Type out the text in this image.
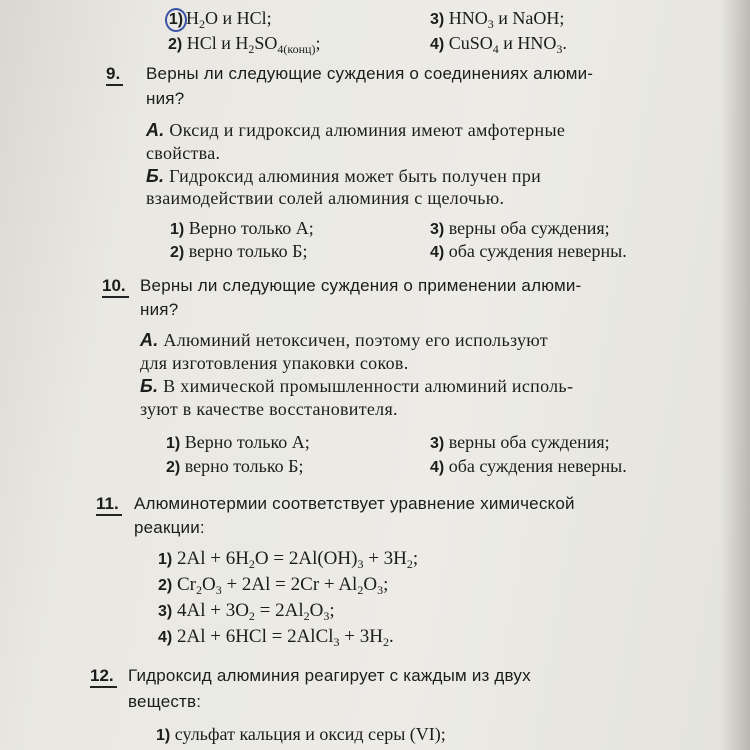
1) $H_2O$ и HCl;
2) HCl и $H_2SO_{4(конц)}$;
3) $HNO_3$ и NaOH;
4) CuSO$_4$ и $HNO_3$.
9. Верны ли следующие суждения о соединениях алюми-
ния?
А. Оксид и гидроксид алюминия имеют амфотерные
свойства.
Б. Гидроксид алюминия может быть получен при
взаимодействии солей алюминия с щелочью.
1) Верно только А;
2) верно только Б;
3) верны оба суждения;
4) оба суждения неверны.
10. Верны ли следующие суждения о применении алюми-
ния?
А. Алюминий нетоксичен, поэтому его используют
для изготовления упаковки соков.
Б. В химической промышленности алюминий исполь-
зуют в качестве восстановителя.
1) Верно только А;
2) верно только Б;
3) верны оба суждения;
4) оба суждения неверны.
11. Алюминотермии соответствует уравнение химической
реакции:
1) $2Al + 6H_2O = 2Al(OH)_3 + 3H_2$;
2) $Cr_2O_3 + 2Al = 2Cr + Al_2O_3$;
3) $4Al + 3O_2 = 2Al_2O_3$;
4) 2Al + 6HCl = 2AlCl$_3$ + $3H_2$.
12. Гидроксид алюминия реагирует с каждым из двух
веществ:
1) сульфат кальция и оксид серы (VI);
